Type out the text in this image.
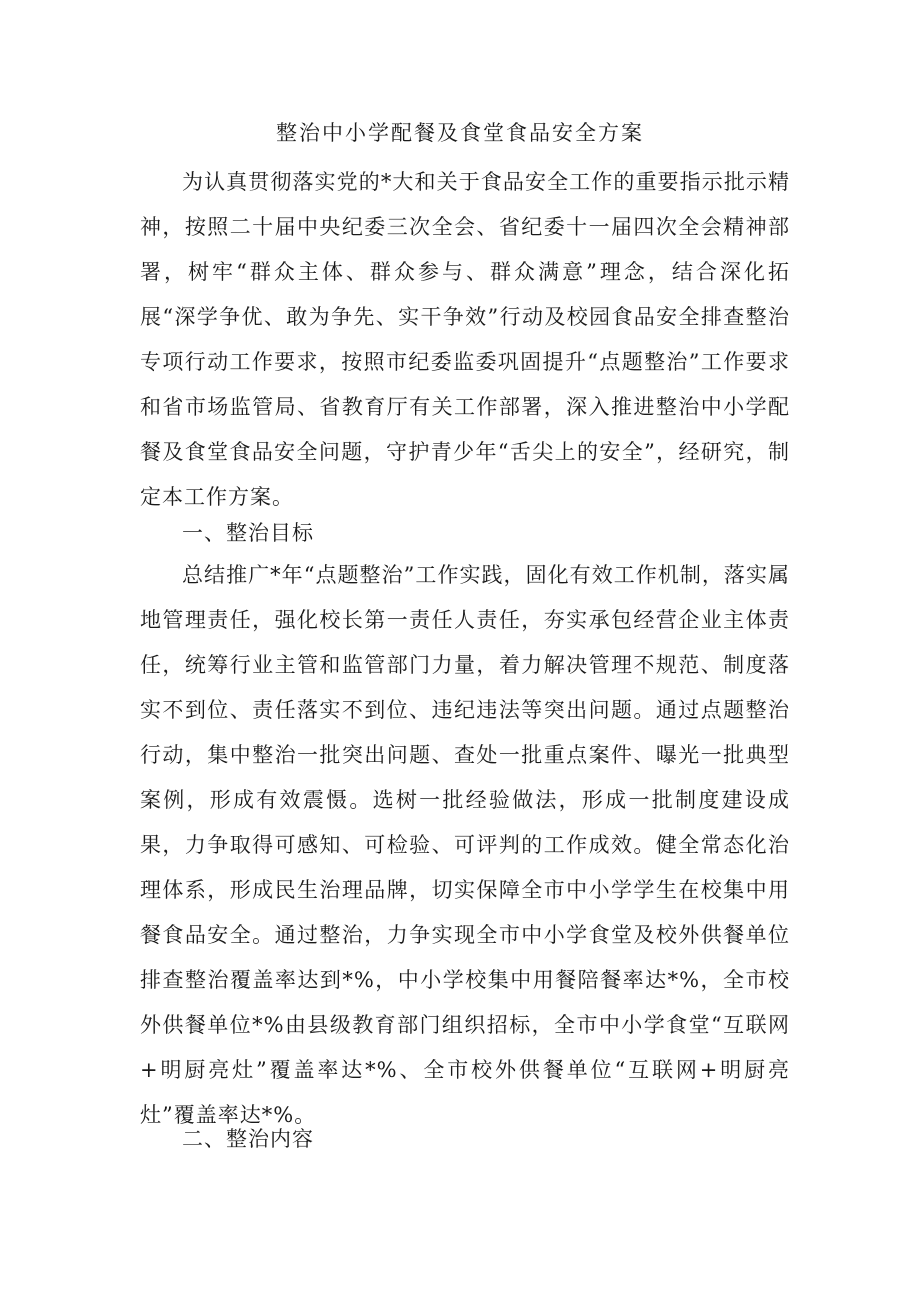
整治中小学配餐及食堂食品安全方案

为认真贯彻落实党的*大和关于食品安全工作的重要指示批示精神，按照二十届中央纪委三次全会、省纪委十一届四次全会精神部署，树牢“群众主体、群众参与、群众满意”理念，结合深化拓展“深学争优、敢为争先、实干争效”行动及校园食品安全排查整治专项行动工作要求，按照市纪委监委巩固提升“点题整治”工作要求和省市场监管局、省教育厅有关工作部署，深入推进整治中小学配餐及食堂食品安全问题，守护青少年“舌尖上的安全”，经研究，制定本工作方案。

一、整治目标

总结推广*年“点题整治”工作实践，固化有效工作机制，落实属地管理责任，强化校长第一责任人责任，夯实承包经营企业主体责任，统筹行业主管和监管部门力量，着力解决管理不规范、制度落实不到位、责任落实不到位、违纪违法等突出问题。通过点题整治行动，集中整治一批突出问题、查处一批重点案件、曝光一批典型案例，形成有效震慑。选树一批经验做法，形成一批制度建设成果，力争取得可感知、可检验、可评判的工作成效。健全常态化治理体系，形成民生治理品牌，切实保障全市中小学学生在校集中用餐食品安全。通过整治，力争实现全市中小学食堂及校外供餐单位排查整治覆盖率达到*%，中小学校集中用餐陪餐率达*%，全市校外供餐单位*%由县级教育部门组织招标，全市中小学食堂“互联网+明厨亮灶”覆盖率达*%、全市校外供餐单位“互联网+明厨亮灶”覆盖率达*%。

二、整治内容
